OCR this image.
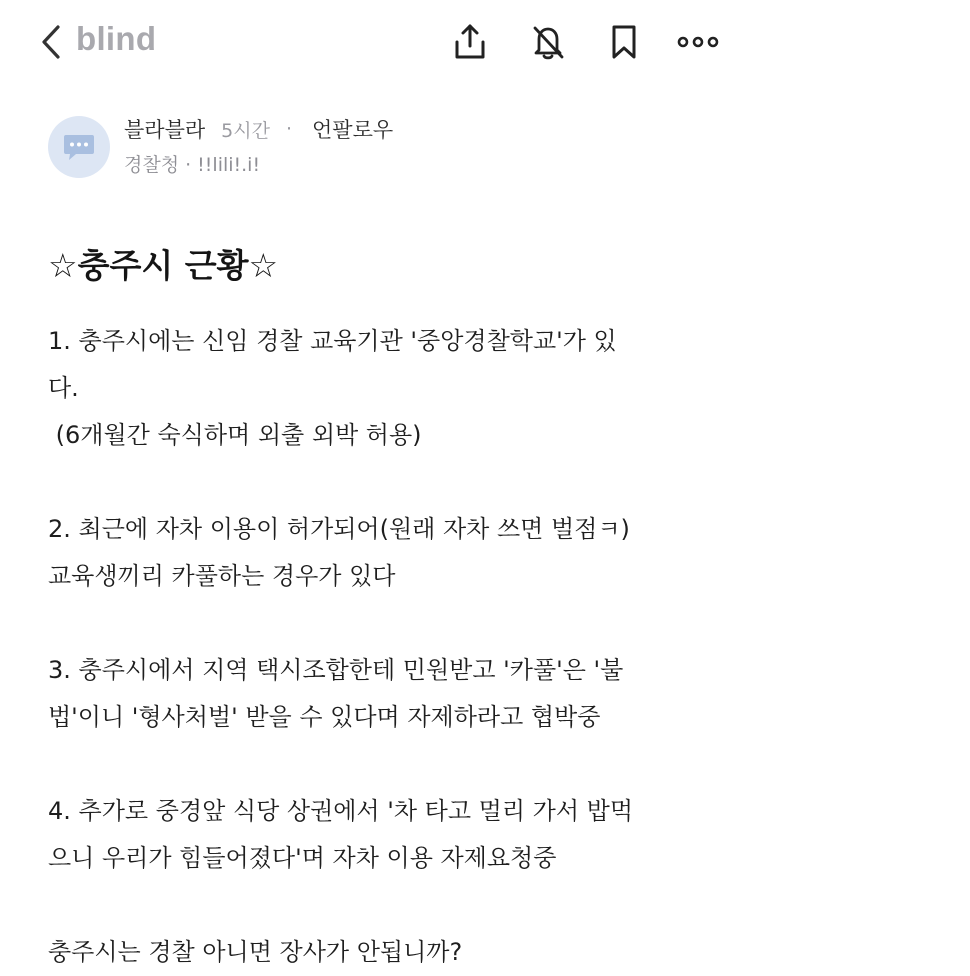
blind
블라블라 5시간 · 언팔로우
경찰청 · !!lili!.i!
☆충주시 근황☆

1. 충주시에는 신임 경찰 교육기관 '중앙경찰학교'가 있
다.
(6개월간 숙식하며 외출 외박 허용)

2. 최근에 자차 이용이 허가되어(원래 자차 쓰면 벌점ㅋ)
교육생끼리 카풀하는 경우가 있다

3. 충주시에서 지역 택시조합한테 민원받고 '카풀'은 '불
법'이니 '형사처벌' 받을 수 있다며 자제하라고 협박중

4. 추가로 중경앞 식당 상권에서 '차 타고 멀리 가서 밥먹
으니 우리가 힘들어졌다'며 자차 이용 자제요청중

충주시는 경찰 아니면 장사가 안됩니까?
